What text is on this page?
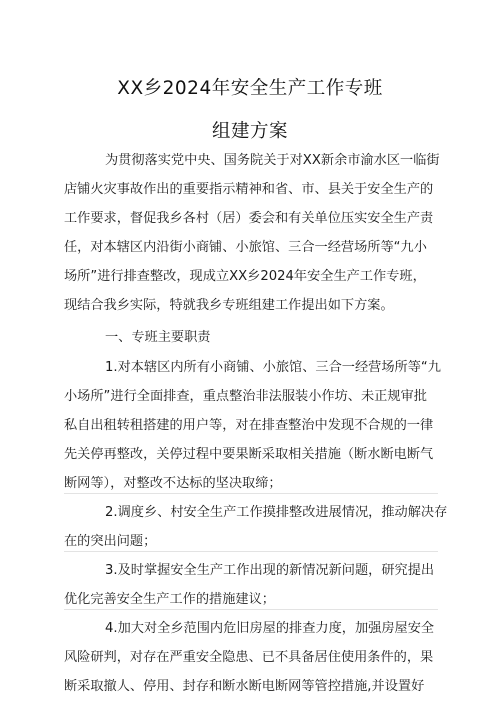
XX乡2024年安全生产工作专班
组建方案
为贯彻落实党中央、国务院关于对XX新余市渝水区一临街
店铺火灾事故作出的重要指示精神和省、市、县关于安全生产的
工作要求，督促我乡各村（居）委会和有关单位压实安全生产责
任，对本辖区内沿街小商铺、小旅馆、三合一经营场所等“九小
场所”进行排查整改，现成立XX乡2024年安全生产工作专班，
现结合我乡实际，特就我乡专班组建工作提出如下方案。
一、专班主要职责
1.对本辖区内所有小商铺、小旅馆、三合一经营场所等“九
小场所”进行全面排查，重点整治非法服装小作坊、未正规审批
私自出租转租搭建的用户等，对在排查整治中发现不合规的一律
先关停再整改，关停过程中要果断采取相关措施（断水断电断气
断网等），对整改不达标的坚决取缔；
2.调度乡、村安全生产工作摸排整改进展情况，推动解决存
在的突出问题；
3.及时掌握安全生产工作出现的新情况新问题，研究提出
优化完善安全生产工作的措施建议；
4.加大对全乡范围内危旧房屋的排查力度，加强房屋安全
风险研判，对存在严重安全隐患、已不具备居住使用条件的，果
断采取撤人、停用、封存和断水断电断网等管控措施,并设置好
